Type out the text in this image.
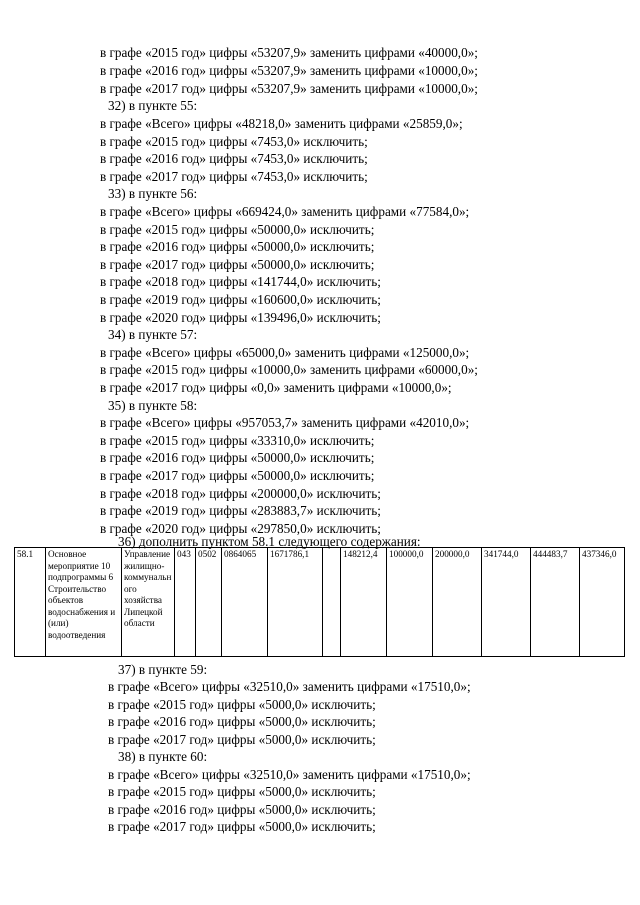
в графе «2015 год» цифры «53207,9» заменить цифрами «40000,0»;
в графе «2016 год» цифры «53207,9» заменить цифрами «10000,0»;
в графе «2017 год» цифры «53207,9» заменить цифрами «10000,0»;
32) в пункте 55:
в графе «Всего» цифры «48218,0» заменить цифрами «25859,0»;
в графе «2015 год» цифры «7453,0» исключить;
в графе «2016 год» цифры «7453,0» исключить;
в графе «2017 год» цифры «7453,0» исключить;
33) в пункте 56:
в графе «Всего» цифры «669424,0» заменить цифрами «77584,0»;
в графе «2015 год» цифры «50000,0» исключить;
в графе «2016 год» цифры «50000,0» исключить;
в графе «2017 год» цифры «50000,0» исключить;
в графе «2018 год» цифры «141744,0» исключить;
в графе «2019 год» цифры «160600,0» исключить;
в графе «2020 год» цифры «139496,0» исключить;
34) в пункте 57:
в графе «Всего» цифры «65000,0» заменить цифрами «125000,0»;
в графе «2015 год» цифры «10000,0» заменить цифрами «60000,0»;
в графе «2017 год» цифры «0,0» заменить цифрами «10000,0»;
35) в пункте 58:
в графе «Всего» цифры «957053,7» заменить цифрами «42010,0»;
в графе «2015 год» цифры «33310,0» исключить;
в графе «2016 год» цифры «50000,0» исключить;
в графе «2017 год» цифры «50000,0» исключить;
в графе «2018 год» цифры «200000,0» исключить;
в графе «2019 год» цифры «283883,7» исключить;
в графе «2020 год» цифры «297850,0» исключить;
36) дополнить пунктом 58.1 следующего содержания:
58.1	Основное мероприятие 10 подпрограммы 6 Строительство объектов водоснабжения и (или) водоотведения	Управление жилищно-коммунального хозяйства Липецкой области	043	0502	0864065	1671786,1		148212,4	100000,0	200000,0	341744,0	444483,7	437346,0
37) в пункте 59:
в графе «Всего» цифры «32510,0» заменить цифрами «17510,0»;
в графе «2015 год» цифры «5000,0» исключить;
в графе «2016 год» цифры «5000,0» исключить;
в графе «2017 год» цифры «5000,0» исключить;
38) в пункте 60:
в графе «Всего» цифры «32510,0» заменить цифрами «17510,0»;
в графе «2015 год» цифры «5000,0» исключить;
в графе «2016 год» цифры «5000,0» исключить;
в графе «2017 год» цифры «5000,0» исключить;
